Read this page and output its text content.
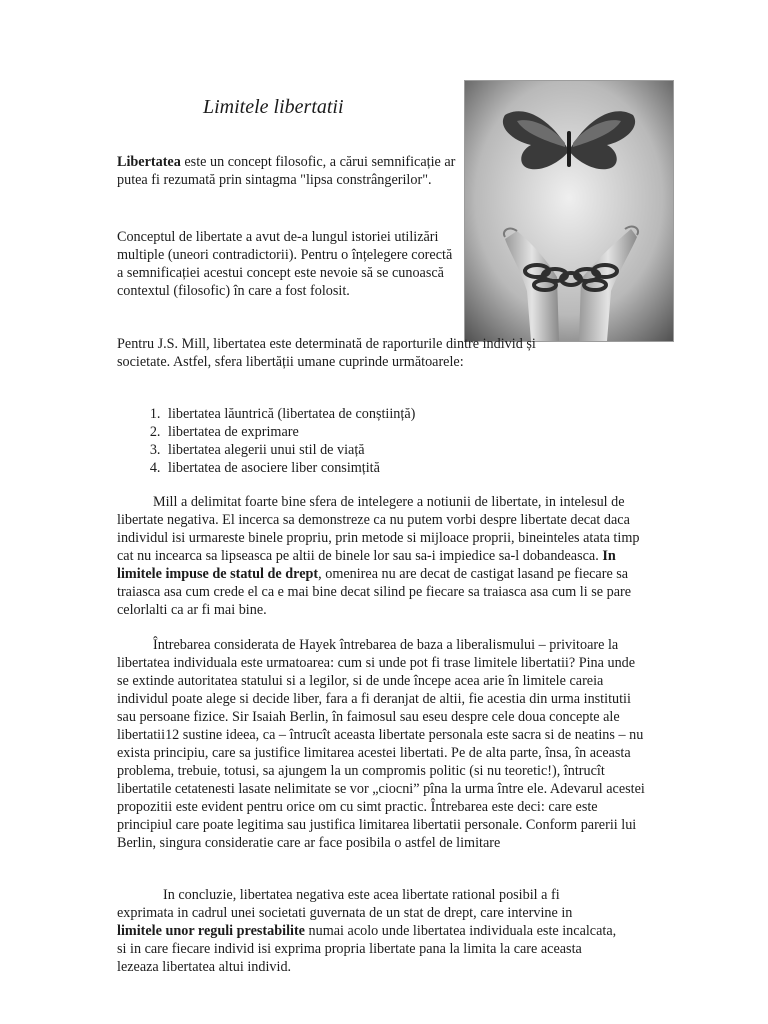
Limitele libertatii

Libertatea este un concept filosofic, a cărui semnificație ar putea fi rezumată prin sintagma "lipsa constrângerilor".

Conceptul de libertate a avut de-a lungul istoriei utilizări multiple (uneori contradictorii). Pentru o înțelegere corectă a semnificației acestui concept este nevoie să se cunoască contextul (filosofic) în care a fost folosit.

Pentru J.S. Mill, libertatea este determinată de raporturile dintre individ și societate. Astfel, sfera libertății umane cuprinde următoarele:

1. libertatea lăuntrică (libertatea de conștiință)
2. libertatea de exprimare
3. libertatea alegerii unui stil de viață
4. libertatea de asociere liber consimțită

Mill a delimitat foarte bine sfera de intelegere a notiunii de libertate, in intelesul de libertate negativa. El incerca sa demonstreze ca nu putem vorbi despre libertate decat daca individul isi urmareste binele propriu, prin metode si mijloace proprii, bineinteles atata timp cat nu incearca sa lipseasca pe altii de binele lor sau sa-i impiedice sa-l dobandeasca. In limitele impuse de statul de drept, omenirea nu are decat de castigat lasand pe fiecare sa traiasca asa cum crede el ca e mai bine decat silind pe fiecare sa traiasca asa cum li se pare celorlalti ca ar fi mai bine.

Întrebarea considerata de Hayek întrebarea de baza a liberalismului – privitoare la libertatea individuala este urmatoarea: cum si unde pot fi trase limitele libertatii? Pina unde se extinde autoritatea statului si a legilor, si de unde începe acea arie în limitele careia individul poate alege si decide liber, fara a fi deranjat de altii, fie acestia din urma institutii sau persoane fizice. Sir Isaiah Berlin, în faimosul sau eseu despre cele doua concepte ale libertatii12 sustine ideea, ca – întrucît aceasta libertate personala este sacra si de neatins – nu exista principiu, care sa justifice limitarea acestei libertati. Pe de alta parte, însa, în aceasta problema, trebuie, totusi, sa ajungem la un compromis politic (si nu teoretic!), întrucît libertatile cetatenesti lasate nelimitate se vor „ciocni” pîna la urma între ele. Adevarul acestei propozitii este evident pentru orice om cu simt practic. Întrebarea este deci: care este principiul care poate legitima sau justifica limitarea libertatii personale. Conform parerii lui Berlin, singura consideratie care ar face posibila o astfel de limitare

In concluzie, libertatea negativa este acea libertate rational posibil a fi exprimata in cadrul unei societati guvernata de un stat de drept, care intervine in limitele unor reguli prestabilite numai acolo unde libertatea individuala este incalcata, si in care fiecare individ isi exprima propria libertate pana la limita la care aceasta lezeaza libertatea altui individ.
